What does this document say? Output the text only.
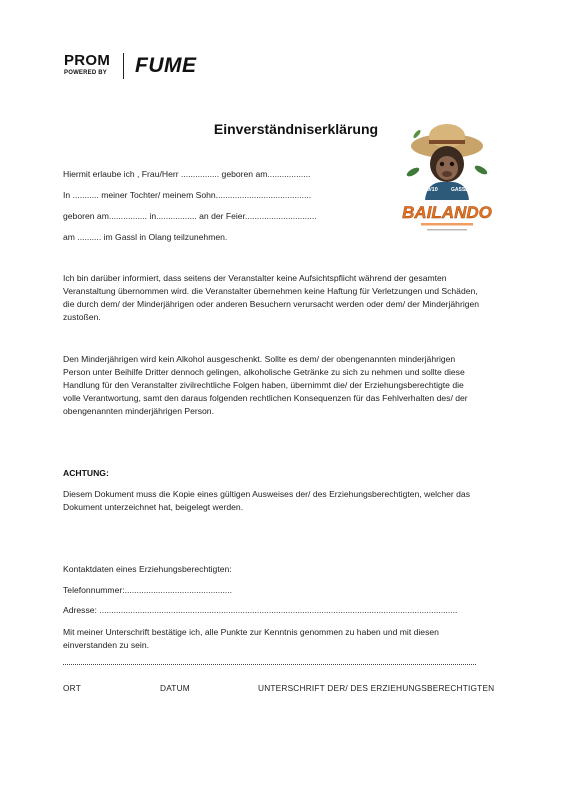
PROM
POWERED BY FUME
Einverständniserklärung
19/10	GASSL OLANG
BAILANDO
Hiermit erlaube ich , Frau/Herr ................ geboren am..................
In ........... meiner Tochter/ meinem Sohn........................................
geboren am................ in................. an der Feier..............................
am .......... im Gassl in Olang teilzunehmen.
Ich bin darüber informiert, dass seitens der Veranstalter keine Aufsichtspflicht während der gesamten Veranstaltung übernommen wird. die Veranstalter übernehmen keine Haftung für Verletzungen und Schäden, die durch dem/ der Minderjährigen oder anderen Besuchern verursacht werden oder dem/ der Minderjährigen zustoßen.
Den Minderjährigen wird kein Alkohol ausgeschenkt. Sollte es dem/ der obengenannten minderjährigen Person unter Beihilfe Dritter dennoch gelingen, alkoholische Getränke zu sich zu nehmen und sollte diese Handlung für den Veranstalter zivilrechtliche Folgen haben, übernimmt die/ der Erziehungsberechtigte die volle Verantwortung, samt den daraus folgenden rechtlichen Konsequenzen für das Fehlverhalten des/ der obengenannten minderjährigen Person.
ACHTUNG:
Diesem Dokument muss die Kopie eines gültigen Ausweises der/ des Erziehungsberechtigten, welcher das Dokument unterzeichnet hat, beigelegt werden.
Kontaktdaten eines Erziehungsberechtigten:
Telefonnummer:.............................................
Adresse: ......................................................................................................................................................
Mit meiner Unterschrift bestätige ich, alle Punkte zur Kenntnis genommen zu haben und mit diesen einverstanden zu sein.
ORT	DATUM	UNTERSCHRIFT DER/ DES ERZIEHUNGSBERECHTIGTEN
